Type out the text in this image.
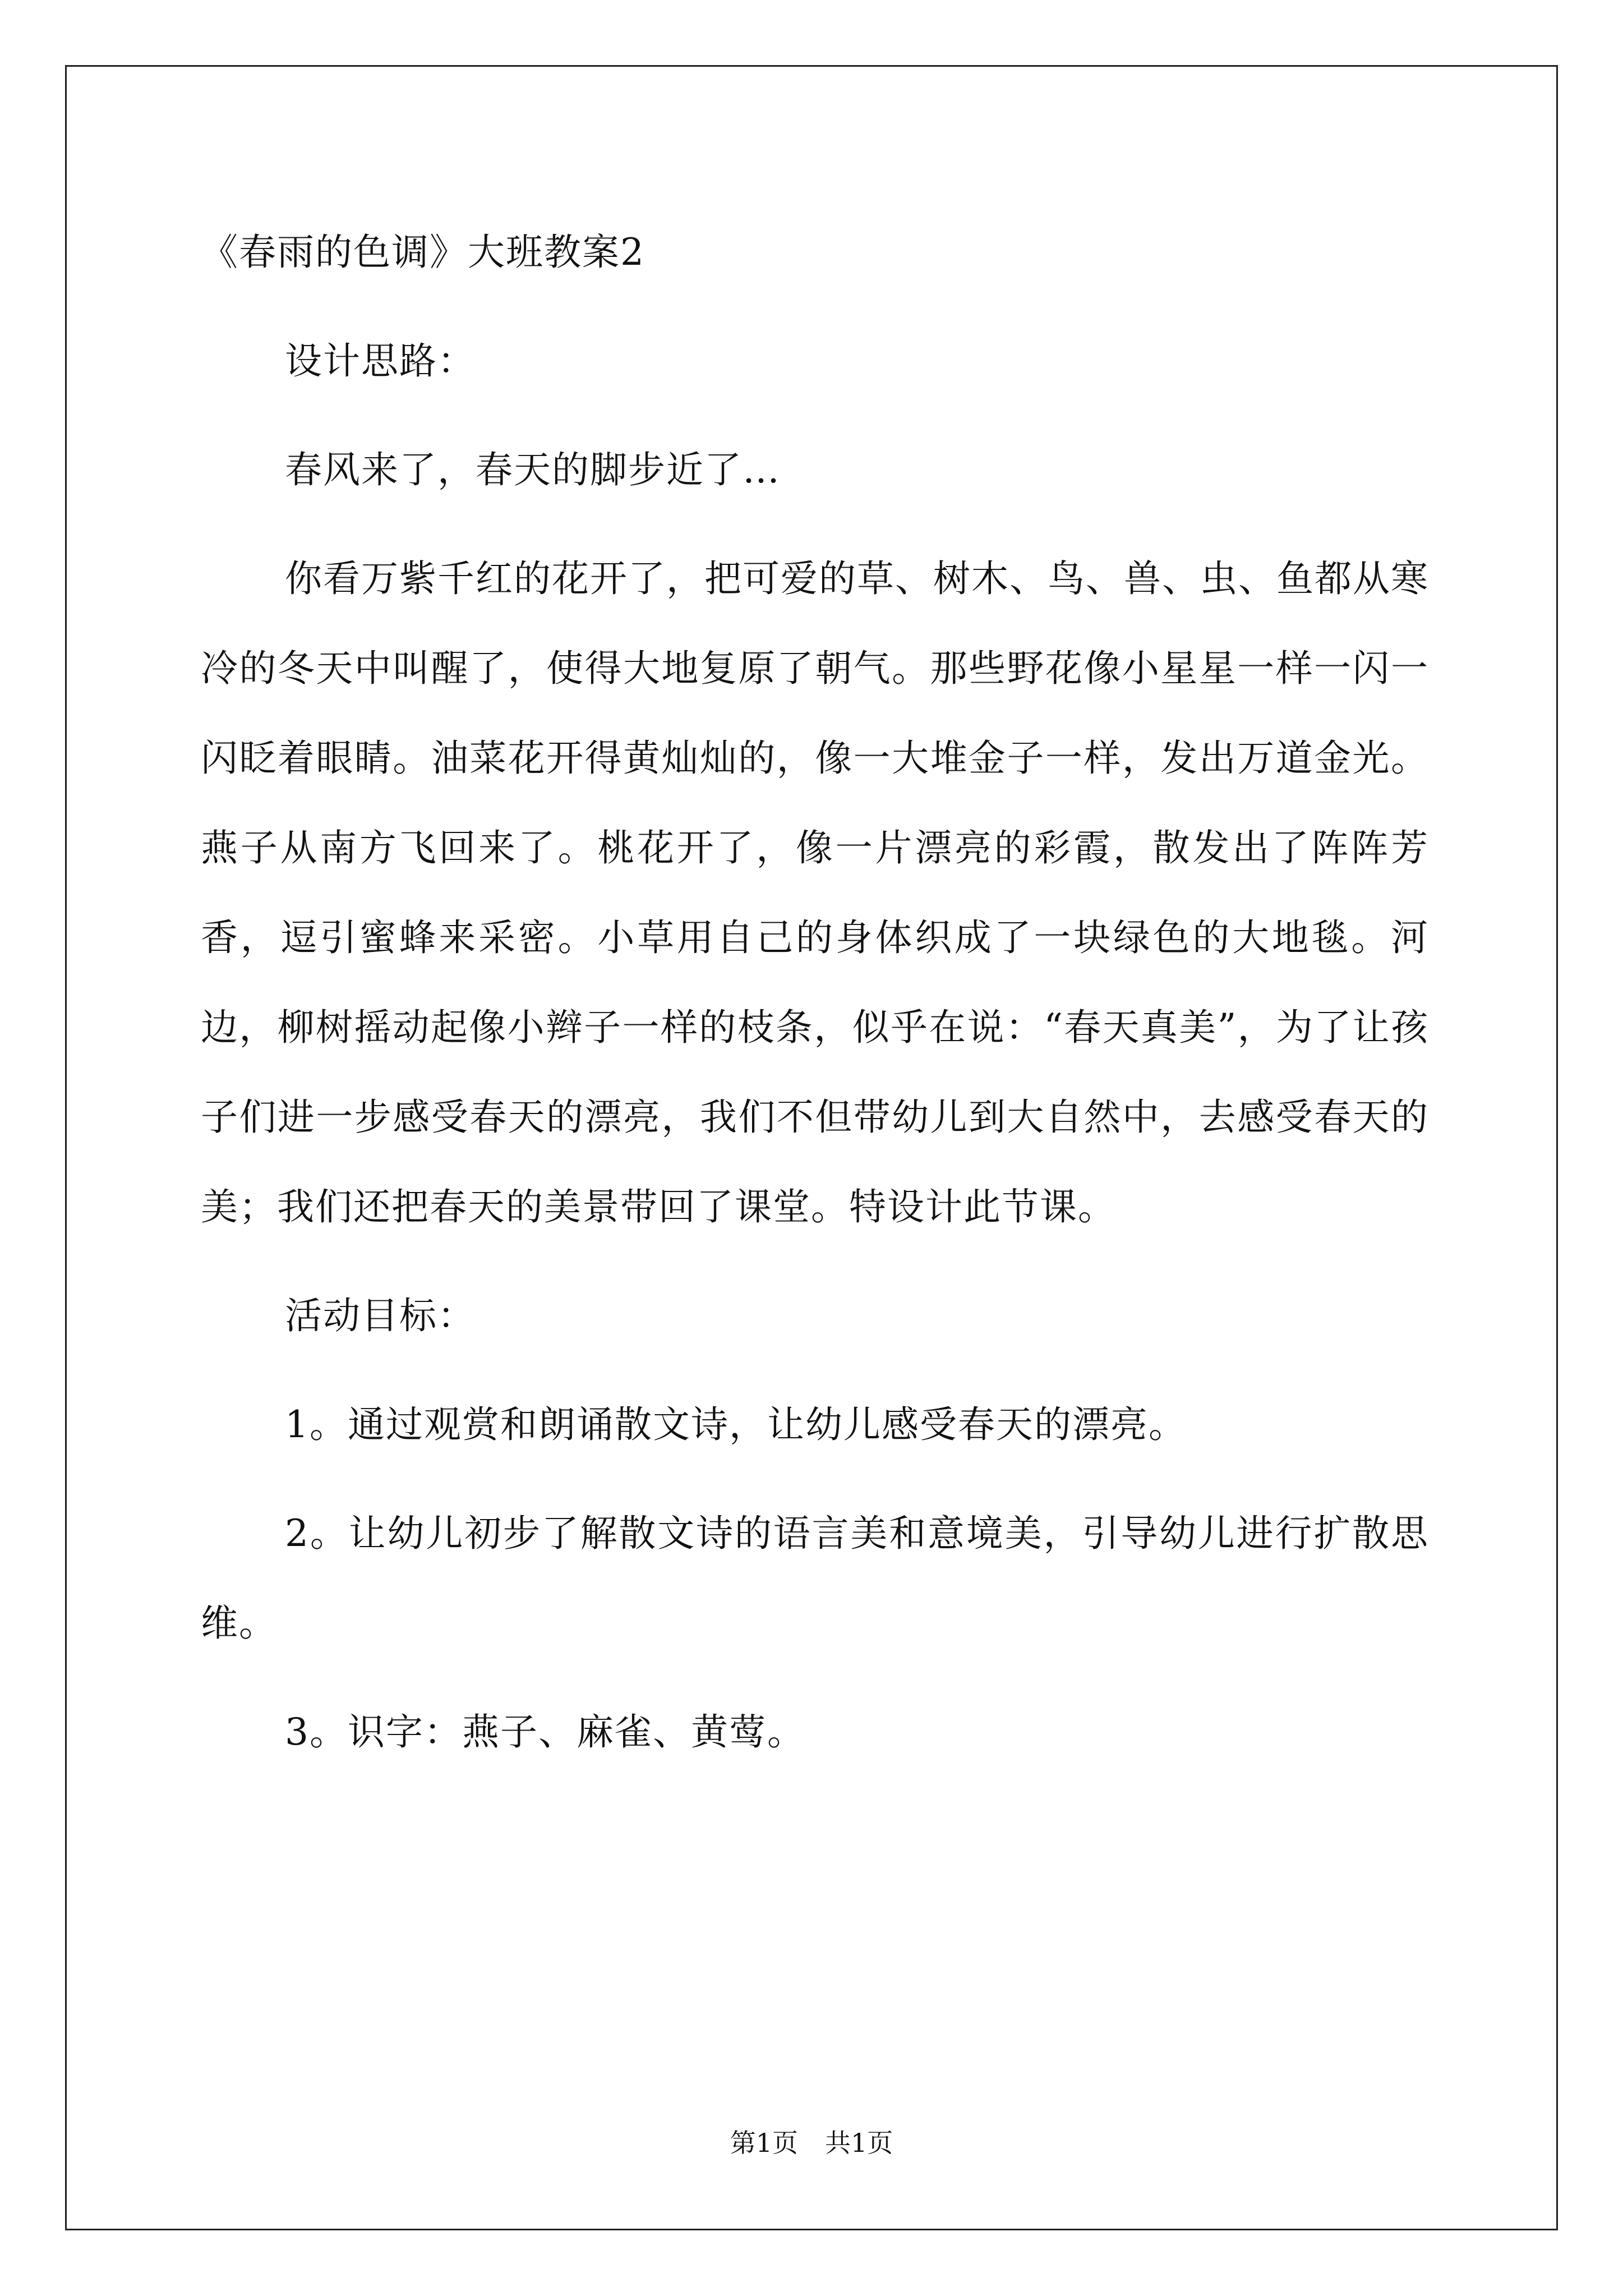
《春雨的色调》大班教案2

设计思路：

春风来了，春天的脚步近了…

你看万紫千红的花开了，把可爱的草、树木、鸟、兽、虫、鱼都从寒冷的冬天中叫醒了，使得大地复原了朝气。那些野花像小星星一样一闪一闪眨着眼睛。油菜花开得黄灿灿的，像一大堆金子一样，发出万道金光。燕子从南方飞回来了。桃花开了，像一片漂亮的彩霞，散发出了阵阵芳香，逗引蜜蜂来采密。小草用自己的身体织成了一块绿色的大地毯。河边，柳树摇动起像小辫子一样的枝条，似乎在说：“春天真美”，为了让孩子们进一步感受春天的漂亮，我们不但带幼儿到大自然中，去感受春天的美；我们还把春天的美景带回了课堂。特设计此节课。

活动目标：

1。通过观赏和朗诵散文诗，让幼儿感受春天的漂亮。

2。让幼儿初步了解散文诗的语言美和意境美，引导幼儿进行扩散思维。

3。识字：燕子、麻雀、黄莺。

第1页 共1页
